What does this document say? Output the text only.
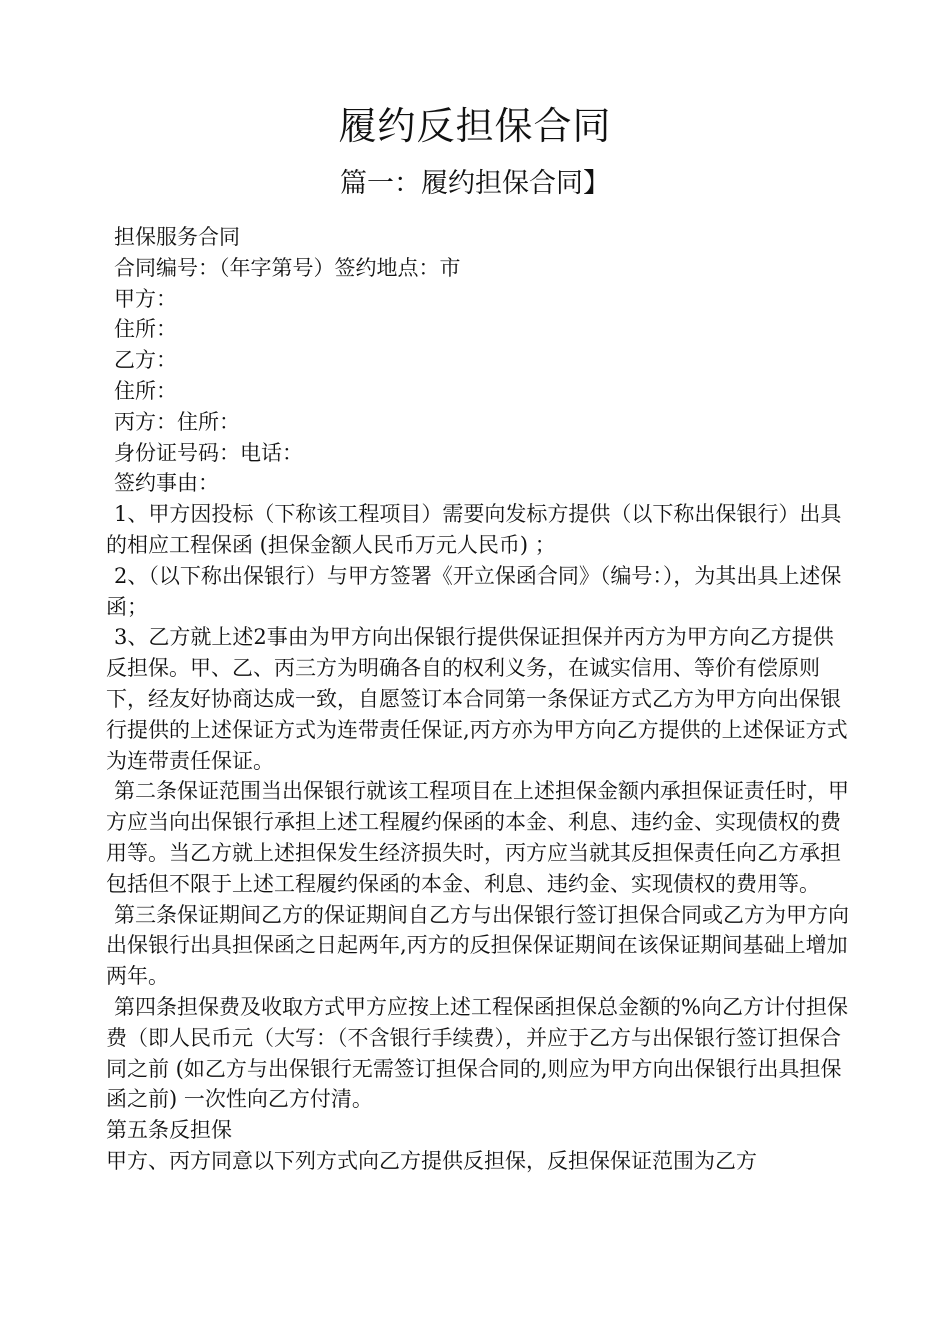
履约反担保合同
篇一：履约担保合同】

担保服务合同

合同编号：（年字第号）签约地点：市

甲方：

住所：

乙方：

住所：

丙方：住所：

身份证号码：电话：

签约事由：

1、甲方因投标（下称该工程项目）需要向发标方提供（以下称出保银行）出具的相应工程保函 (担保金额人民币万元人民币) ；

2、（以下称出保银行）与甲方签署《开立保函合同》（编号：），为其出具上述保函；

3、乙方就上述2事由为甲方向出保银行提供保证担保并丙方为甲方向乙方提供反担保。甲、乙、丙三方为明确各自的权利义务，在诚实信用、等价有偿原则下，经友好协商达成一致，自愿签订本合同第一条保证方式乙方为甲方向出保银行提供的上述保证方式为连带责任保证,丙方亦为甲方向乙方提供的上述保证方式为连带责任保证。

第二条保证范围当出保银行就该工程项目在上述担保金额内承担保证责任时，甲方应当向出保银行承担上述工程履约保函的本金、利息、违约金、实现债权的费用等。当乙方就上述担保发生经济损失时，丙方应当就其反担保责任向乙方承担包括但不限于上述工程履约保函的本金、利息、违约金、实现债权的费用等。

第三条保证期间乙方的保证期间自乙方与出保银行签订担保合同或乙方为甲方向出保银行出具担保函之日起两年,丙方的反担保保证期间在该保证期间基础上增加两年。

第四条担保费及收取方式甲方应按上述工程保函担保总金额的%向乙方计付担保费（即人民币元（大写：（不含银行手续费），并应于乙方与出保银行签订担保合同之前 (如乙方与出保银行无需签订担保合同的,则应为甲方向出保银行出具担保函之前) 一次性向乙方付清。

第五条反担保

甲方、丙方同意以下列方式向乙方提供反担保，反担保保证范围为乙方
